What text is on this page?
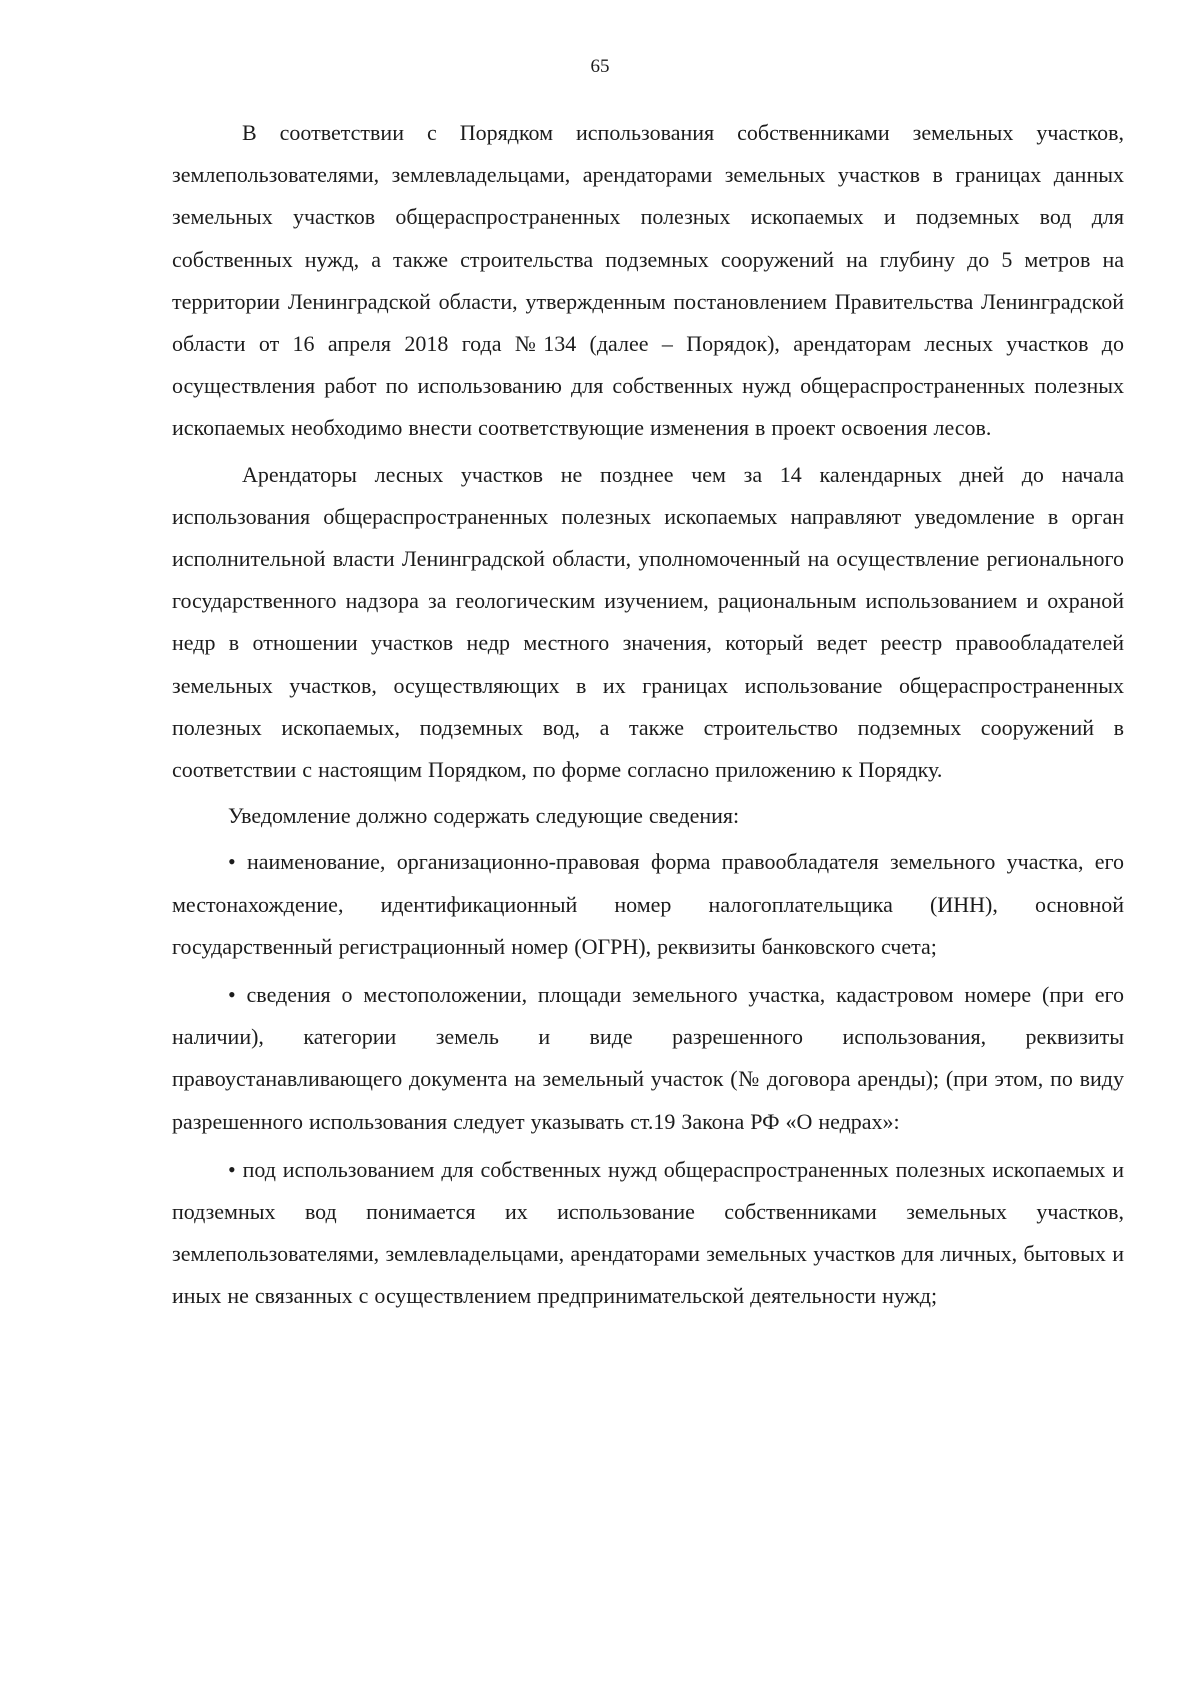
65

В соответствии с Порядком использования собственниками земельных участков, землепользователями, землевладельцами, арендаторами земельных участков в границах данных земельных участков общераспространенных полезных ископаемых и подземных вод для собственных нужд, а также строительства подземных сооружений на глубину до 5 метров на территории Ленинградской области, утвержденным постановлением Правительства Ленинградской области от 16 апреля 2018 года №134 (далее – Порядок), арендаторам лесных участков до осуществления работ по использованию для собственных нужд общераспространенных полезных ископаемых необходимо внести соответствующие изменения в проект освоения лесов.

Арендаторы лесных участков не позднее чем за 14 календарных дней до начала использования общераспространенных полезных ископаемых направляют уведомление в орган исполнительной власти Ленинградской области, уполномоченный на осуществление регионального государственного надзора за геологическим изучением, рациональным использованием и охраной недр в отношении участков недр местного значения, который ведет реестр правообладателей земельных участков, осуществляющих в их границах использование общераспространенных полезных ископаемых, подземных вод, а также строительство подземных сооружений в соответствии с настоящим Порядком, по форме согласно приложению к Порядку.

Уведомление должно содержать следующие сведения:

• наименование, организационно-правовая форма правообладателя земельного участка, его местонахождение, идентификационный номер налогоплательщика (ИНН), основной государственный регистрационный номер (ОГРН), реквизиты банковского счета;

• сведения о местоположении, площади земельного участка, кадастровом номере (при его наличии), категории земель и виде разрешенного использования, реквизиты правоустанавливающего документа на земельный участок (№ договора аренды); (при этом, по виду разрешенного использования следует указывать ст.19 Закона РФ «О недрах»:

• под использованием для собственных нужд общераспространенных полезных ископаемых и подземных вод понимается их использование собственниками земельных участков, землепользователями, землевладельцами, арендаторами земельных участков для личных, бытовых и иных не связанных с осуществлением предпринимательской деятельности нужд;
